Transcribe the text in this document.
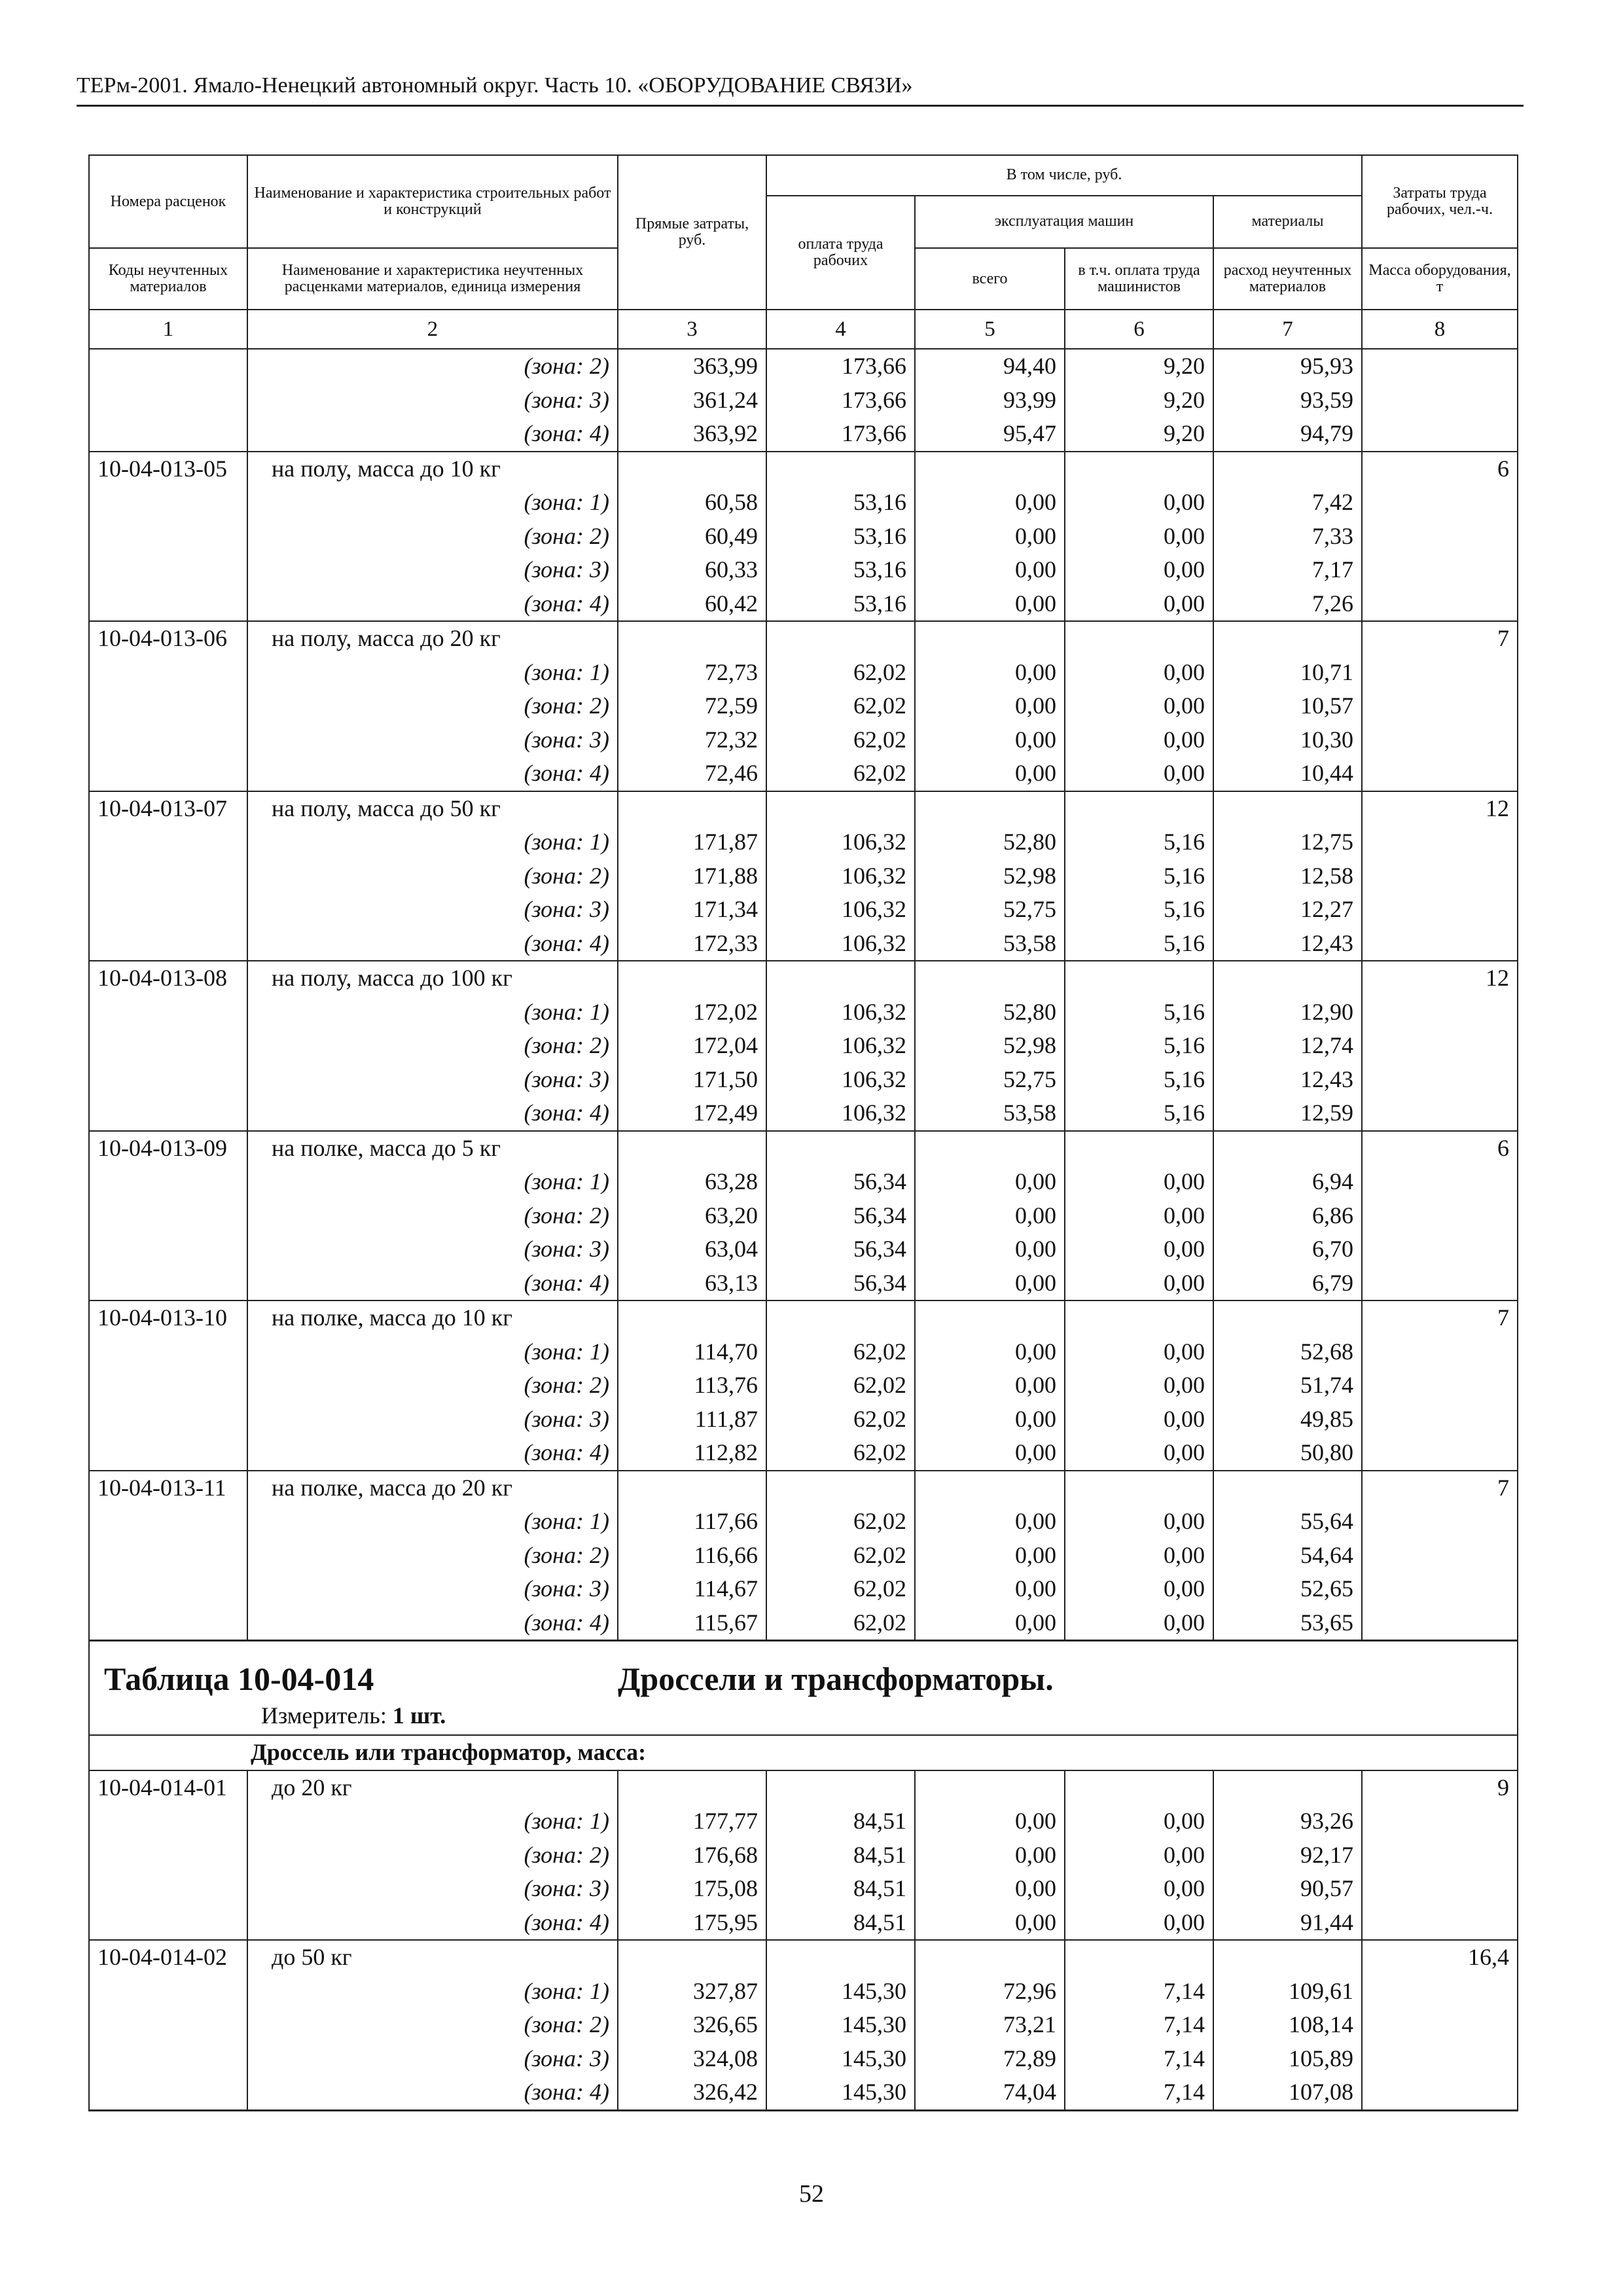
ТЕРм-2001. Ямало-Ненецкий автономный округ. Часть 10. «ОБОРУДОВАНИЕ СВЯЗИ»
Номера расценок	Наименование и характеристика строительных работ и конструкций	Прямые затраты, руб.	В том числе, руб.				Затраты труда рабочих, чел.-ч.
			оплата труда рабочих	эксплуатация машин		материалы	
Коды неучтенных материалов	Наименование и характеристика неучтенных расценками материалов, единица измерения			всего	в т.ч. оплата труда машинистов	расход неучтенных материалов	Масса оборудования, т
1	2	3	4	5	6	7	8
	(зона: 2)	363,99	173,66	94,40	9,20	95,93	
	(зона: 3)	361,24	173,66	93,99	9,20	93,59	
	(зона: 4)	363,92	173,66	95,47	9,20	94,79	
10-04-013-05	на полу, масса до 10 кг						6
	(зона: 1)	60,58	53,16	0,00	0,00	7,42	
	(зона: 2)	60,49	53,16	0,00	0,00	7,33	
	(зона: 3)	60,33	53,16	0,00	0,00	7,17	
	(зона: 4)	60,42	53,16	0,00	0,00	7,26	
10-04-013-06	на полу, масса до 20 кг						7
	(зона: 1)	72,73	62,02	0,00	0,00	10,71	
	(зона: 2)	72,59	62,02	0,00	0,00	10,57	
	(зона: 3)	72,32	62,02	0,00	0,00	10,30	
	(зона: 4)	72,46	62,02	0,00	0,00	10,44	
10-04-013-07	на полу, масса до 50 кг						12
	(зона: 1)	171,87	106,32	52,80	5,16	12,75	
	(зона: 2)	171,88	106,32	52,98	5,16	12,58	
	(зона: 3)	171,34	106,32	52,75	5,16	12,27	
	(зона: 4)	172,33	106,32	53,58	5,16	12,43	
10-04-013-08	на полу, масса до 100 кг						12
	(зона: 1)	172,02	106,32	52,80	5,16	12,90	
	(зона: 2)	172,04	106,32	52,98	5,16	12,74	
	(зона: 3)	171,50	106,32	52,75	5,16	12,43	
	(зона: 4)	172,49	106,32	53,58	5,16	12,59	
10-04-013-09	на полке, масса до 5 кг						6
	(зона: 1)	63,28	56,34	0,00	0,00	6,94	
	(зона: 2)	63,20	56,34	0,00	0,00	6,86	
	(зона: 3)	63,04	56,34	0,00	0,00	6,70	
	(зона: 4)	63,13	56,34	0,00	0,00	6,79	
10-04-013-10	на полке, масса до 10 кг						7
	(зона: 1)	114,70	62,02	0,00	0,00	52,68	
	(зона: 2)	113,76	62,02	0,00	0,00	51,74	
	(зона: 3)	111,87	62,02	0,00	0,00	49,85	
	(зона: 4)	112,82	62,02	0,00	0,00	50,80	
10-04-013-11	на полке, масса до 20 кг						7
	(зона: 1)	117,66	62,02	0,00	0,00	55,64	
	(зона: 2)	116,66	62,02	0,00	0,00	54,64	
	(зона: 3)	114,67	62,02	0,00	0,00	52,65	
	(зона: 4)	115,67	62,02	0,00	0,00	53,65	

Таблица 10-04-014 Дроссели и трансформаторы.
Измеритель: 1 шт.							

Дроссель или трансформатор, масса:							
10-04-014-01	до 20 кг						9
	(зона: 1)	177,77	84,51	0,00	0,00	93,26	
	(зона: 2)	176,68	84,51	0,00	0,00	92,17	
	(зона: 3)	175,08	84,51	0,00	0,00	90,57	
	(зона: 4)	175,95	84,51	0,00	0,00	91,44	
10-04-014-02	до 50 кг						16,4
	(зона: 1)	327,87	145,30	72,96	7,14	109,61	
	(зона: 2)	326,65	145,30	73,21	7,14	108,14	
	(зона: 3)	324,08	145,30	72,89	7,14	105,89	
	(зона: 4)	326,42	145,30	74,04	7,14	107,08	
52
